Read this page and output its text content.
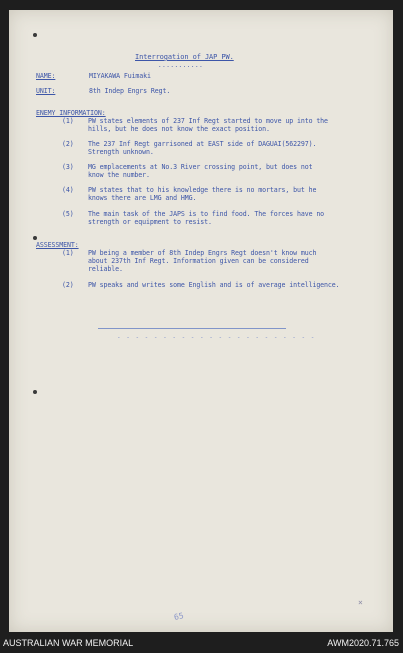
Interrogation of JAP PW.
...........
NAME:	MIYAKAWA Fuimaki
UNIT:	8th Indep Engrs Regt.
ENEMY INFORMATION:
(1) PW states elements of 237 Inf Regt started to move up into the
hills, but he does not know the exact position.
(2) The 237 Inf Regt garrisoned at EAST side of DAGUAI(562297).
Strength unknown.
(3) MG emplacements at No.3 River crossing point, but does not
know the number.
(4) PW states that to his knowledge there is no mortars, but he
knows there are LMG and HMG.
(5) The main task of the JAPS is to find food. The forces have no
strength or equipment to resist.
ASSESSMENT:
(1) PW being a member of 8th Indep Engrs Regt doesn't know much
about 237th Inf Regt. Information given can be considered
reliable.
(2) PW speaks and writes some English and is of average intelligence.
- - - - - - - - - - - - - - - - - - - - - -
65
×
AUSTRALIAN WAR MEMORIAL	AWM2020.71.765
